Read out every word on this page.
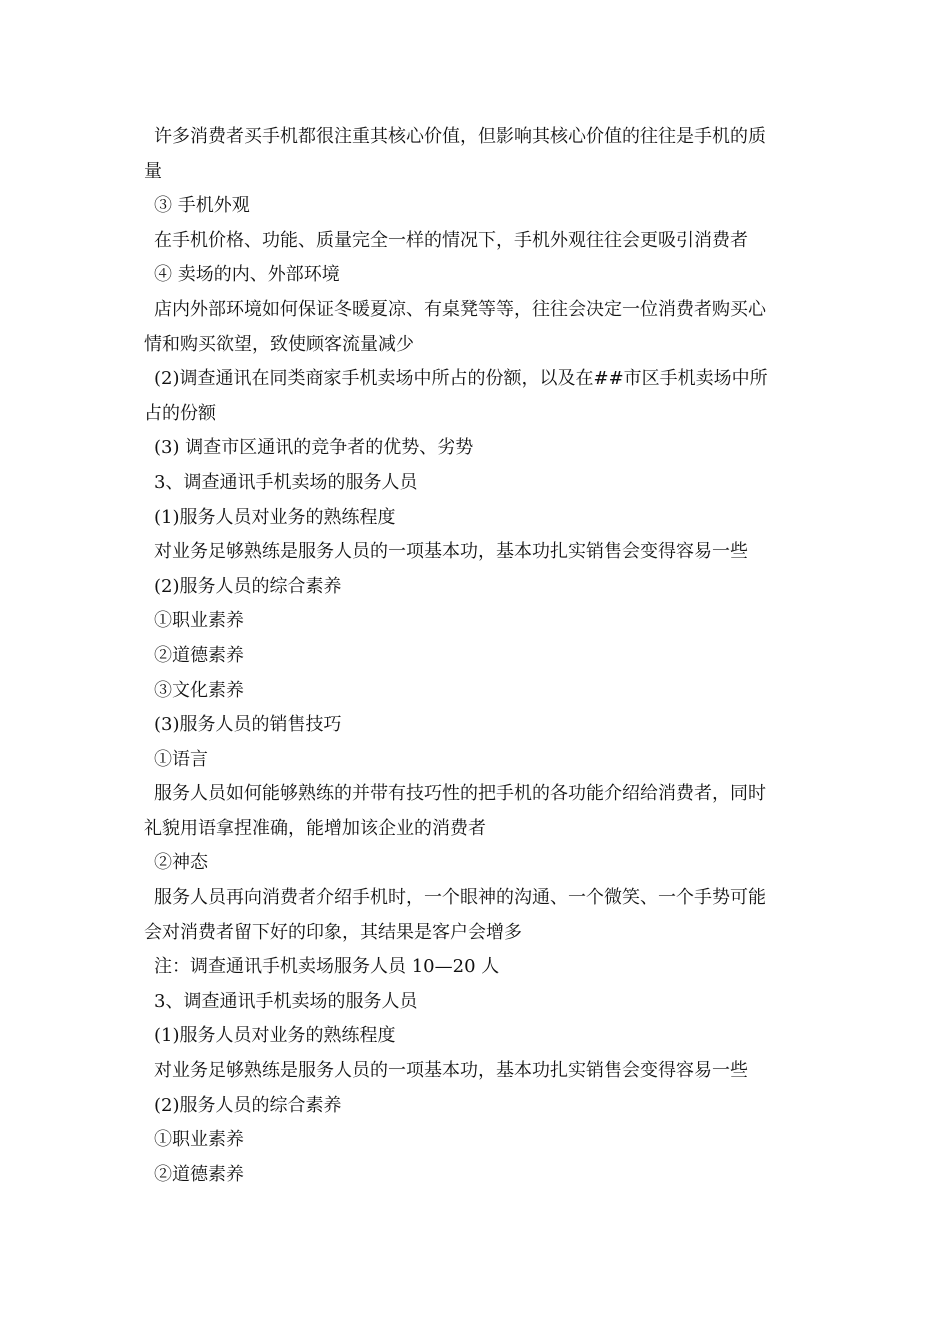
许多消费者买手机都很注重其核心价值，但影响其核心价值的往往是手机的质
量
③ 手机外观
在手机价格、功能、质量完全一样的情况下，手机外观往往会更吸引消费者
④ 卖场的内、外部环境
店内外部环境如何保证冬暖夏凉、有桌凳等等，往往会决定一位消费者购买心
情和购买欲望，致使顾客流量减少
(2)调查通讯在同类商家手机卖场中所占的份额，以及在##市区手机卖场中所
占的份额
(3) 调查市区通讯的竞争者的优势、劣势
3、调查通讯手机卖场的服务人员
(1)服务人员对业务的熟练程度
对业务足够熟练是服务人员的一项基本功，基本功扎实销售会变得容易一些
(2)服务人员的综合素养
①职业素养
②道德素养
③文化素养
(3)服务人员的销售技巧
①语言
服务人员如何能够熟练的并带有技巧性的把手机的各功能介绍给消费者，同时
礼貌用语拿捏准确，能增加该企业的消费者
②神态
服务人员再向消费者介绍手机时，一个眼神的沟通、一个微笑、一个手势可能
会对消费者留下好的印象，其结果是客户会增多
注：调查通讯手机卖场服务人员 10—20 人
3、调查通讯手机卖场的服务人员
(1)服务人员对业务的熟练程度
对业务足够熟练是服务人员的一项基本功，基本功扎实销售会变得容易一些
(2)服务人员的综合素养
①职业素养
②道德素养
